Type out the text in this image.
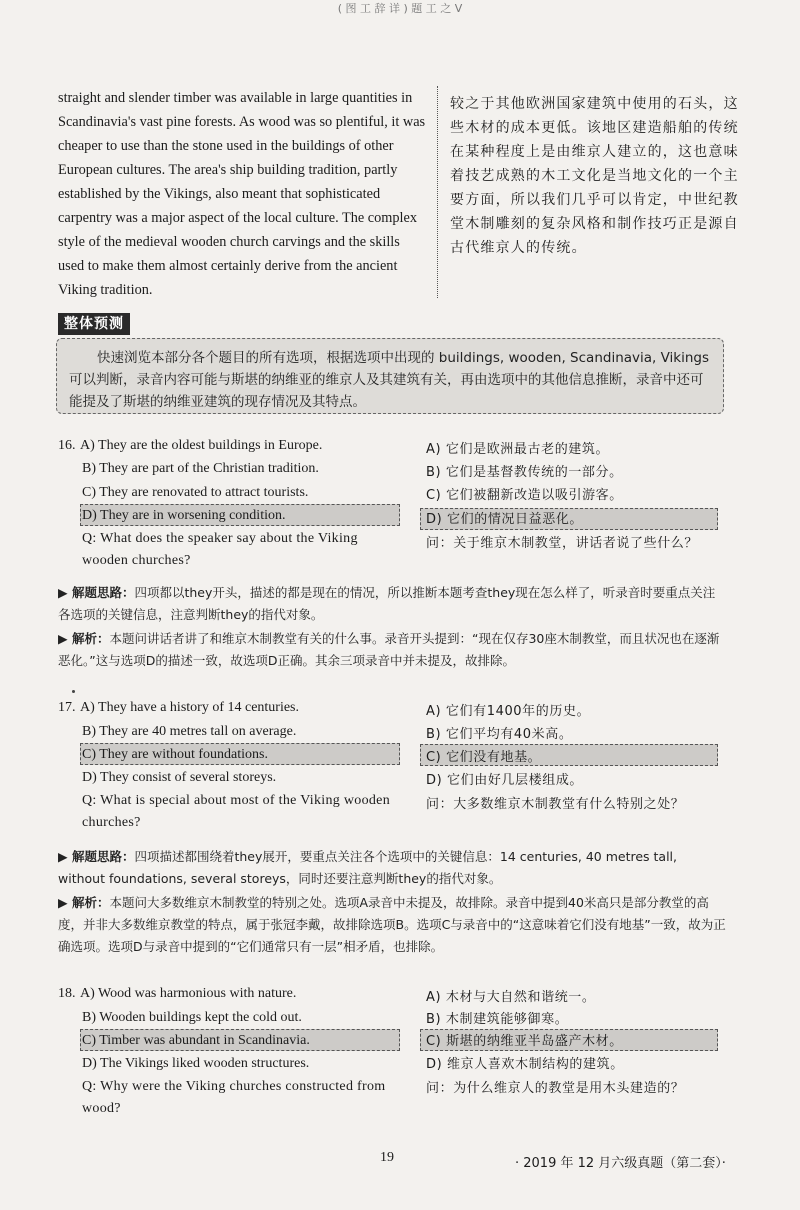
( 图 工 辞 详 ) 题 工 之 V
straight and slender timber was available in large quantities in Scandinavia's vast pine forests. As wood was so plentiful, it was cheaper to use than the stone used in the buildings of other European cultures. The area's ship building tradition, partly established by the Vikings, also meant that sophisticated carpentry was a major aspect of the local culture. The complex style of the medieval wooden church carvings and the skills used to make them almost certainly derive from the ancient Viking tradition.
较之于其他欧洲国家建筑中使用的石头，这些木材的成本更低。该地区建造船舶的传统在某种程度上是由维京人建立的，这也意味着技艺成熟的木工文化是当地文化的一个主要方面，所以我们几乎可以肯定，中世纪教堂木制雕刻的复杂风格和制作技巧正是源自古代维京人的传统。
整体预测
快速浏览本部分各个题目的所有选项，根据选项中出现的 buildings, wooden, Scandinavia, Vikings 可以判断，录音内容可能与斯堪的纳维亚的维京人及其建筑有关，再由选项中的其他信息推断，录音中还可能提及了斯堪的纳维亚建筑的现存情况及其特点。
16. A) They are the oldest buildings in Europe.
B) They are part of the Christian tradition.
C) They are renovated to attract tourists.
D) They are in worsening condition.
Q: What does the speaker say about the Viking wooden churches?
A) 它们是欧洲最古老的建筑。
B) 它们是基督教传统的一部分。
C) 它们被翻新改造以吸引游客。
D) 它们的情况日益恶化。
问：关于维京木制教堂，讲话者说了些什么？
▶ 解题思路：四项都以they开头，描述的都是现在的情况，所以推断本题考查they现在怎么样了，听录音时要重点关注各选项的关键信息，注意判断they的指代对象。
▶ 解析：本题问讲话者讲了和维京木制教堂有关的什么事。录音开头提到：“现在仅存30座木制教堂，而且状况也在逐渐恶化。”这与选项D的描述一致，故选项D正确。其余三项录音中并未提及，故排除。
17. A) They have a history of 14 centuries.
B) They are 40 metres tall on average.
C) They are without foundations.
D) They consist of several storeys.
Q: What is special about most of the Viking wooden churches?
A) 它们有1400年的历史。
B) 它们平均有40米高。
C) 它们没有地基。
D) 它们由好几层楼组成。
问：大多数维京木制教堂有什么特别之处？
▶ 解题思路：四项描述都围绕着they展开，要重点关注各个选项中的关键信息：14 centuries, 40 metres tall, without foundations, several storeys，同时还要注意判断they的指代对象。
▶ 解析：本题问大多数维京木制教堂的特别之处。选项A录音中未提及，故排除。录音中提到40米高只是部分教堂的高度，并非大多数维京教堂的特点，属于张冠李戴，故排除选项B。选项C与录音中的“这意味着它们没有地基”一致，故为正确选项。选项D与录音中提到的“它们通常只有一层”相矛盾，也排除。
18. A) Wood was harmonious with nature.
B) Wooden buildings kept the cold out.
C) Timber was abundant in Scandinavia.
D) The Vikings liked wooden structures.
Q: Why were the Viking churches constructed from wood?
A) 木材与大自然和谐统一。
B) 木制建筑能够御寒。
C) 斯堪的纳维亚半岛盛产木材。
D) 维京人喜欢木制结构的建筑。
问：为什么维京人的教堂是用木头建造的？
19	· 2019 年 12 月六级真题（第二套）·
